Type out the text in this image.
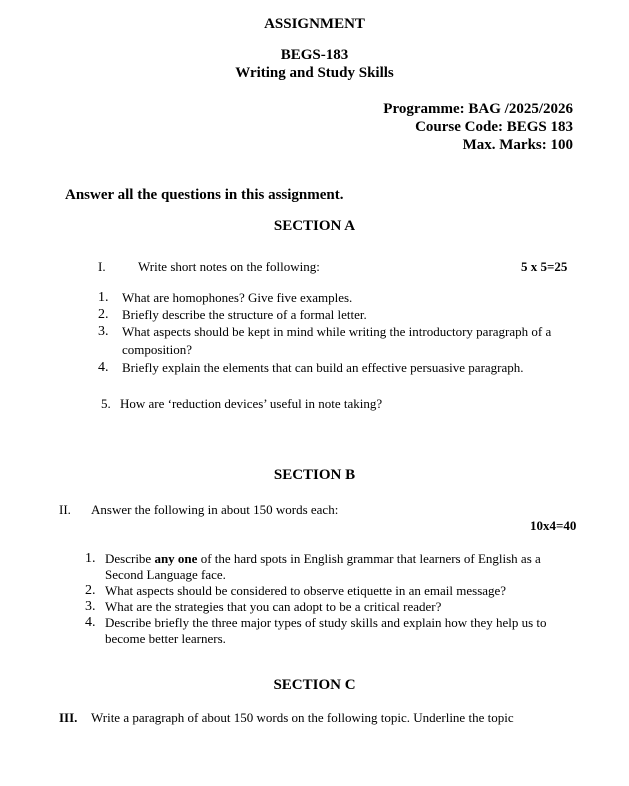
ASSIGNMENT
BEGS-183
Writing and Study Skills
Programme: BAG /2025/2026
Course Code: BEGS 183
Max. Marks: 100
Answer all the questions in this assignment.
SECTION A
I. Write short notes on the following:	5 x 5=25
1. What are homophones? Give five examples.
2. Briefly describe the structure of a formal letter.
3. What aspects should be kept in mind while writing the introductory paragraph of a
composition?
4. Briefly explain the elements that can build an effective persuasive paragraph.
5. How are ‘reduction devices’ useful in note taking?
SECTION B
II. Answer the following in about 150 words each:
10x4=40
1. Describe any one of the hard spots in English grammar that learners of English as a
Second Language face.
2. What aspects should be considered to observe etiquette in an email message?
3. What are the strategies that you can adopt to be a critical reader?
4. Describe briefly the three major types of study skills and explain how they help us to
become better learners.
SECTION C
III. Write a paragraph of about 150 words on the following topic. Underline the topic
